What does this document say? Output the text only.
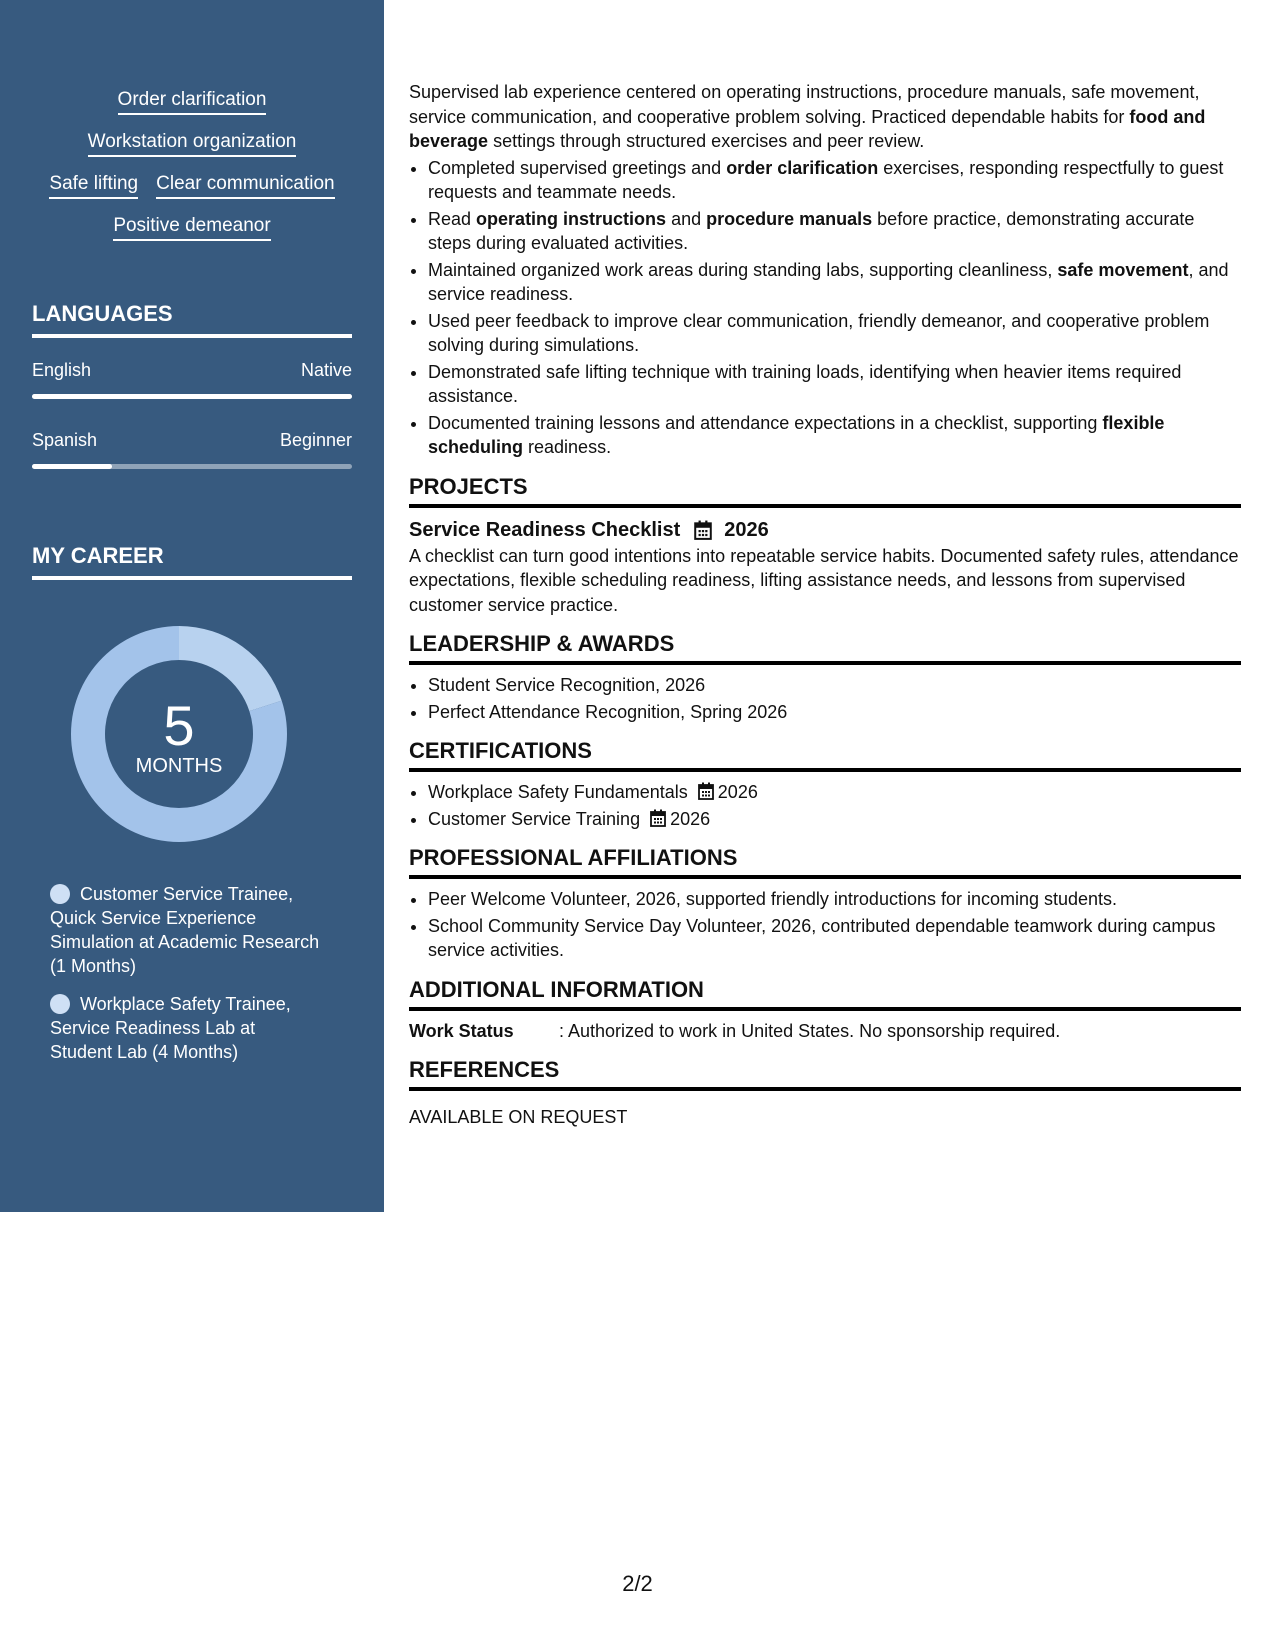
Order clarification
Workstation organization
Safe lifting Clear communication
Positive demeanor
LANGUAGES
English	Native
Spanish	Beginner
MY CAREER
5
MONTHS
Customer Service Trainee, Quick Service Experience Simulation at Academic Research (1 Months)
Workplace Safety Trainee, Service Readiness Lab at Student Lab (4 Months)

Supervised lab experience centered on operating instructions, procedure manuals, safe movement, service communication, and cooperative problem solving. Practiced dependable habits for food and beverage settings through structured exercises and peer review.

• Completed supervised greetings and order clarification exercises, responding respectfully to guest requests and teammate needs.
• Read operating instructions and procedure manuals before practice, demonstrating accurate steps during evaluated activities.
• Maintained organized work areas during standing labs, supporting cleanliness, safe movement, and service readiness.
• Used peer feedback to improve clear communication, friendly demeanor, and cooperative problem solving during simulations.
• Demonstrated safe lifting technique with training loads, identifying when heavier items required assistance.
• Documented training lessons and attendance expectations in a checklist, supporting flexible scheduling readiness.
PROJECTS
Service Readiness Checklist 2026

A checklist can turn good intentions into repeatable service habits. Documented safety rules, attendance expectations, flexible scheduling readiness, lifting assistance needs, and lessons from supervised customer service practice.

LEADERSHIP & AWARDS
• Student Service Recognition, 2026
• Perfect Attendance Recognition, Spring 2026
CERTIFICATIONS
• Workplace Safety Fundamentals 2026
• Customer Service Training 2026
PROFESSIONAL AFFILIATIONS
• Peer Welcome Volunteer, 2026, supported friendly introductions for incoming students.
• School Community Service Day Volunteer, 2026, contributed dependable teamwork during campus service activities.
ADDITIONAL INFORMATION
Work Status	: Authorized to work in United States. No sponsorship required.
REFERENCES

AVAILABLE ON REQUEST

2/2
